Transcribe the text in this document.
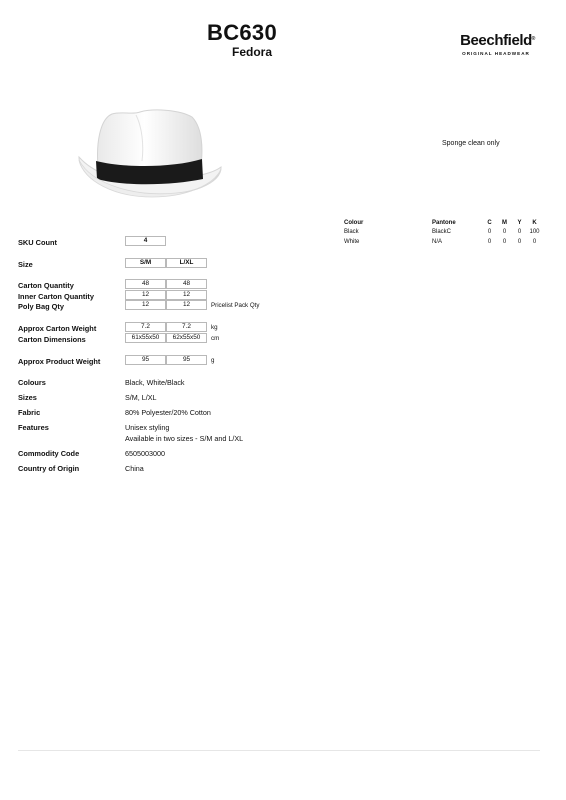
BC630
Fedora
Beechfield ®
ORIGINAL HEADWEAR
Sponge clean only
Colour	Pantone	C	M	Y	K
Black	BlackC	0	0	0	100
White	N/A	0	0	0	0
SKU Count	4
Size	S/M	L/XL
Carton Quantity	48	48
Inner Carton Quantity	12	12
Poly Bag Qty	12	12	Pricelist Pack Qty
Approx Carton Weight	7.2	7.2	kg
Carton Dimensions	61x55x50	62x55x50	cm
Approx Product Weight	95	95	g
Colours	Black, White/Black
Sizes	S/M, L/XL
Fabric	80% Polyester/20% Cotton
Features	Unisex styling
Available in two sizes - S/M and L/XL
Commodity Code	6505003000
Country of Origin	China
